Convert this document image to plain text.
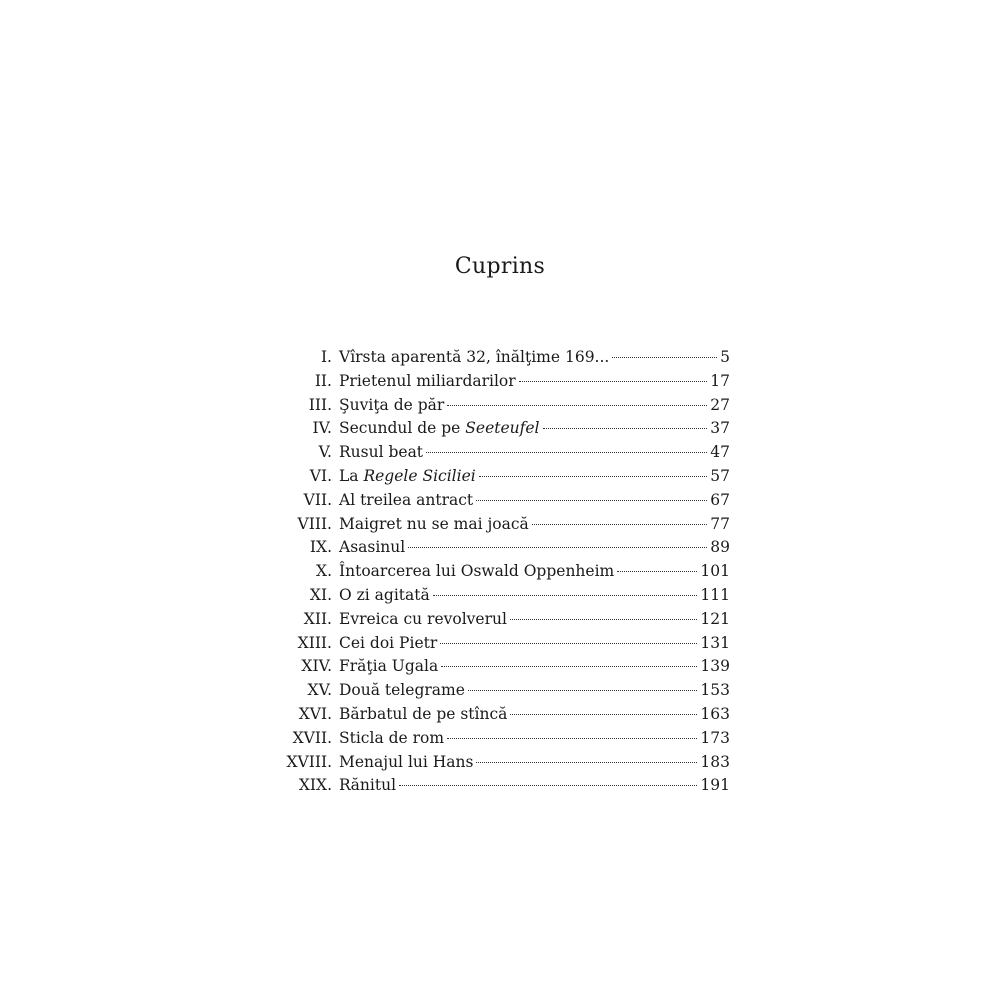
Cuprins
I. Vîrsta aparentă 32, înălţime 169...	5
II. Prietenul miliardarilor	17
III. Şuviţa de păr	27
IV. Secundul de pe Seeteufel	37
V. Rusul beat	47
VI. La Regele Siciliei	57
VII. Al treilea antract	67
VIII. Maigret nu se mai joacă	77
IX. Asasinul	89
X. Întoarcerea lui Oswald Oppenheim	101
XI. O zi agitată	111
XII. Evreica cu revolverul	121
XIII. Cei doi Pietr	131
XIV. Frăţia Ugala	139
XV. Două telegrame	153
XVI. Bărbatul de pe stîncă	163
XVII. Sticla de rom	173
XVIII. Menajul lui Hans	183
XIX. Rănitul	191
